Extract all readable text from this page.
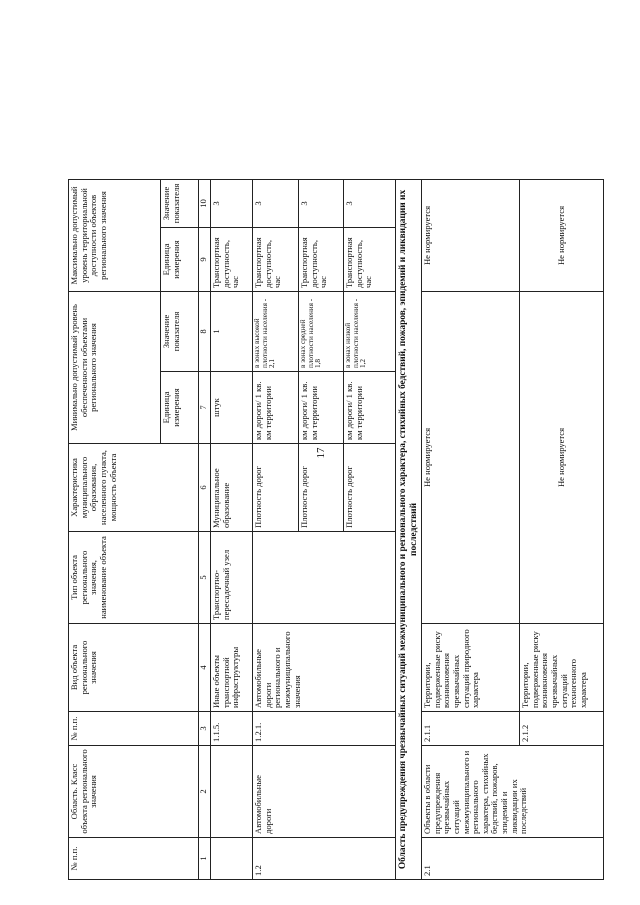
17
№ п.п.	Область. Класс объекта регионального значения	№ п.п.	Вид объекта регионального значения	Тип объекта регионального значения, наименование объекта	Характеристика муниципального образования, населенного пункта, мощность объекта	Минимально допустимый уровень обеспеченности объектами регионального значения		Максимально допустимый уровень территориальной доступности объектов регионального значения		
						Единица измерения	Значение показателя	Единица измерения	Значение показателя	
1	2	3	4	5	6	7	8	9	10	
		1.1.5.	Иные объекты транспортной инфраструктуры	Транспортно-пересадочный узел	Муниципальное образование	штук	1	Транспортная доступность, час	3	
1.2	Автомобильные дороги	1.2.1.	Автомобильные дороги регионального и межмуниципального значения		Плотность дорог	км дороги/ 1 кв. км территории	в зонах высокой плотности населения - 2,1	Транспортная доступность, час	3	
					Плотность дорог	км дороги/ 1 кв. км территории	в зонах средней плотности населения - 1,8	Транспортная доступность, час	3	
					Плотность дорог	км дороги/ 1 кв. км территории	в зонах низкой плотности населения - 1,2	Транспортная доступность, час	3	
Область предупреждения чрезвычайных ситуаций межмуниципального и регионального характера, стихийных бедствий, пожаров, эпидемий и ликвидации их последствий										
2.1	Объекты в области предупреждения чрезвычайных ситуаций межмуниципального и регионального характера, стихийных бедствий, пожаров, эпидемий и ликвидации их последствий	2.1.1	Территории, подверженные риску возникновения чрезвычайных ситуаций природного характера	Не нормируется				Не нормируется		
		2.1.2	Территории, подверженные риску возникновения чрезвычайных ситуаций техногенного характера	Не нормируется				Не нормируется		
